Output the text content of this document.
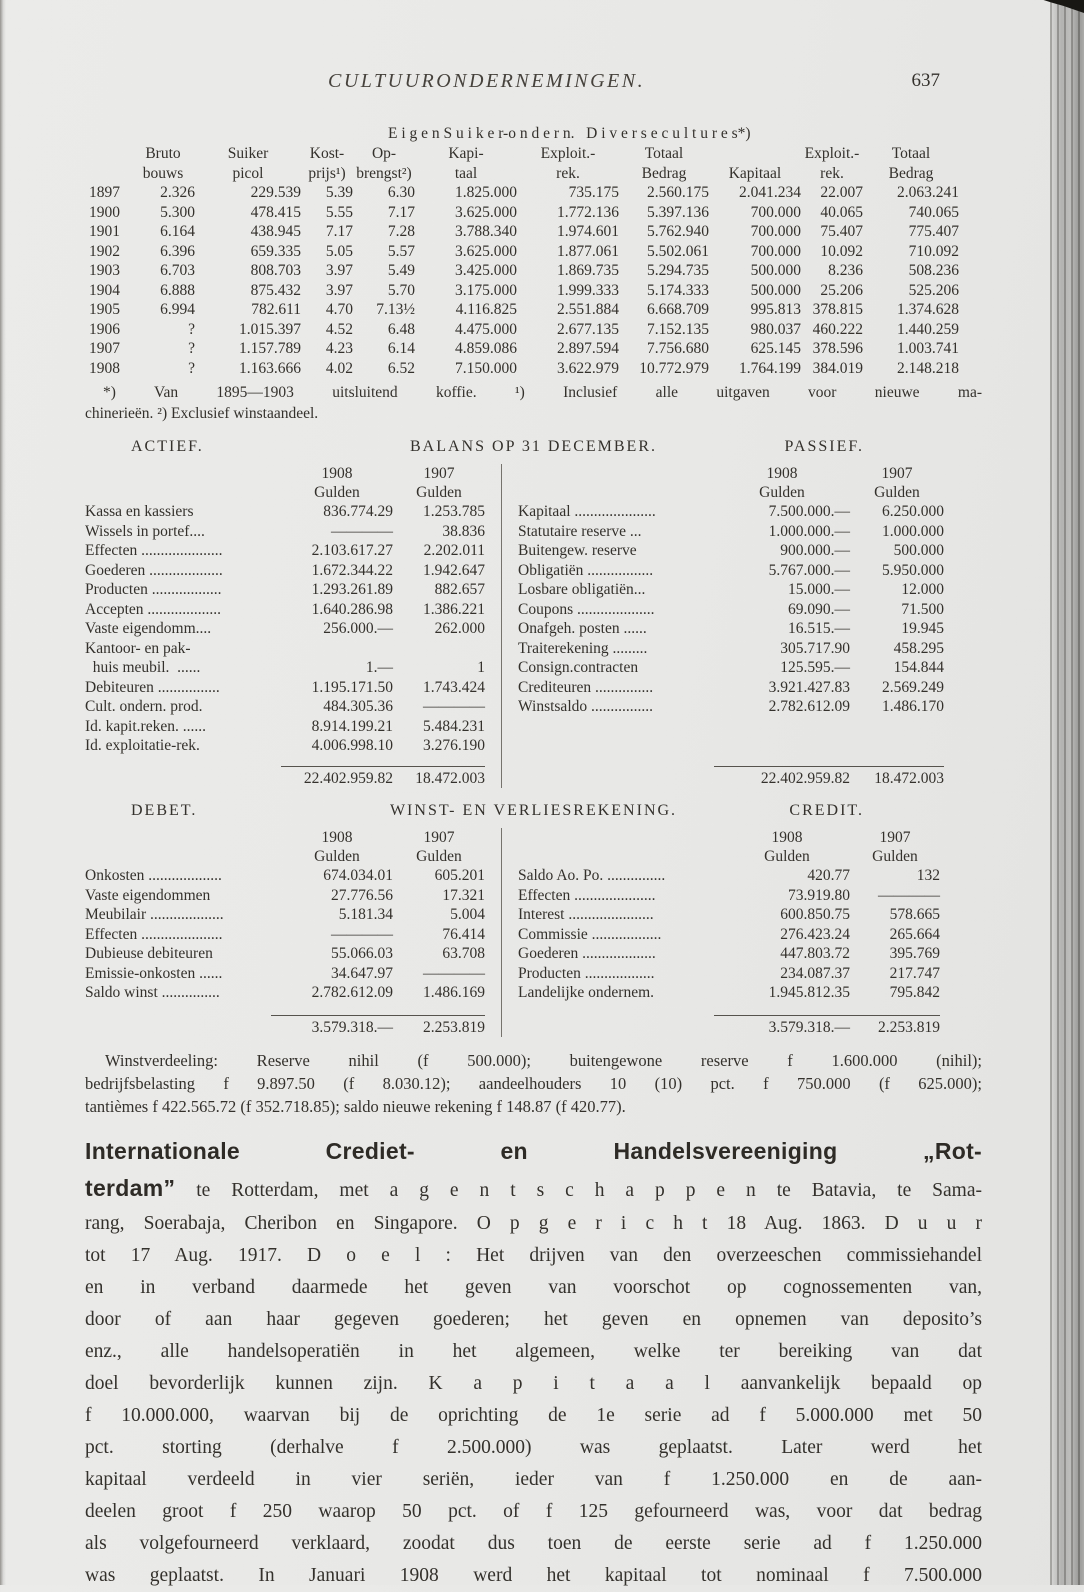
CULTUURONDERNEMINGEN.	637
E i g e n S u i k e r-o n d e r n.   D i v e r s e c u l t u r e s*)
Bruto	Suiker	Kost-	Op-	Kapi-	Exploit.-	Totaal	Exploit.-	Totaal
bouws	picol	prijs¹) brengst²)	taal	rek.	Bedrag	Kapitaal	rek.	Bedrag
1897	2.326	229.539	5.39	6.30	1.825.000	735.175	2.560.175	2.041.234	22.007	2.063.241
1900	5.300	478.415	5.55	7.17	3.625.000	1.772.136	5.397.136	700.000	40.065	740.065
1901	6.164	438.945	7.17	7.28	3.788.340	1.974.601	5.762.940	700.000	75.407	775.407
1902	6.396	659.335	5.05	5.57	3.625.000	1.877.061	5.502.061	700.000	10.092	710.092
1903	6.703	808.703	3.97	5.49	3.425.000	1.869.735	5.294.735	500.000	8.236	508.236
1904	6.888	875.432	3.97	5.70	3.175.000	1.999.333	5.174.333	500.000	25.206	525.206
1905	6.994	782.611	4.70	7.13½	4.116.825	2.551.884	6.668.709	995.813 378.815	1.374.628
1906	?	1.015.397	4.52	6.48	4.475.000	2.677.135	7.152.135	980.037 460.222	1.440.259
1907	?	1.157.789	4.23	6.14	4.859.086	2.897.594	7.756.680	625.145 378.596	1.003.741
1908	?	1.163.666	4.02	6.52	7.150.000	3.622.979	10.772.979	1.764.199 384.019	2.148.218
*) Van 1895—1903 uitsluitend koffie. ¹) Inclusief alle uitgaven voor nieuwe ma-
chinerieën. ²) Exclusief winstaandeel.
ACTIEF.	BALANS OP 31 DECEMBER.	PASSIEF.
1908	1907
Gulden	Gulden
Kassa en kassiers	836.774.29	1.253.785
Wissels in portef....	————	38.836
Effecten .....................	2.103.617.27	2.202.011
Goederen ...................	1.672.344.22	1.942.647
Producten ..................	1.293.261.89	882.657
Accepten ...................	1.640.286.98	1.386.221
Vaste eigendomm....	256.000.—	262.000
Kantoor- en pak-
huis meubil.  ......	1.—	1
Debiteuren ................	1.195.171.50	1.743.424
Cult. ondern. prod.	484.305.36	————
Id. kapit.reken. ......	8.914.199.21	5.484.231
Id. exploitatie-rek.	4.006.998.10	3.276.190
22.402.959.82	18.472.003
1908	1907
Gulden	Gulden
Kapitaal .....................	7.500.000.—	6.250.000
Statutaire reserve ...	1.000.000.—	1.000.000
Buitengew. reserve	900.000.—	500.000
Obligatiën .................	5.767.000.—	5.950.000
Losbare obligatiën...	15.000.—	12.000
Coupons ....................	69.090.—	71.500
Onafgeh. posten ......	16.515.—	19.945
Traiterekening .........	305.717.90	458.295
Consign.contracten	125.595.—	154.844
Crediteuren ...............	3.921.427.83	2.569.249
Winstsaldo ................	2.782.612.09	1.486.170
22.402.959.82	18.472.003
DEBET.	WINST- EN VERLIESREKENING.	CREDIT.
1908	1907
Gulden	Gulden
Onkosten ...................	674.034.01	605.201
Vaste eigendommen	27.776.56	17.321
Meubilair ...................	5.181.34	5.004
Effecten .....................	————	76.414
Dubieuse debiteuren	55.066.03	63.708
Emissie-onkosten ......	34.647.97	————
Saldo winst ...............	2.782.612.09	1.486.169
3.579.318.—	2.253.819
1908	1907
Gulden	Gulden
Saldo Ao. Po. ...............	420.77	132
Effecten .....................	73.919.80	————
Interest ......................	600.850.75	578.665
Commissie ..................	276.423.24	265.664
Goederen ...................	447.803.72	395.769
Producten ..................	234.087.37	217.747
Landelijke ondernem.	1.945.812.35	795.842
3.579.318.—	2.253.819
Winstverdeeling: Reserve nihil (f 500.000); buitengewone reserve f 1.600.000 (nihil);
bedrijfsbelasting f 9.897.50 (f 8.030.12); aandeelhouders 10 (10) pct. f 750.000 (f 625.000);
tantièmes f 422.565.72 (f 352.718.85); saldo nieuwe rekening f 148.87 (f 420.77).
Internationale Crediet- en Handelsvereeniging „Rot-
terdam” te Rotterdam, met a g e n t s c h a p p e n te Batavia, te Sama-
rang, Soerabaja, Cheribon en Singapore. O p g e r i c h t 18 Aug. 1863. D u u r
tot 17 Aug. 1917. D o e l : Het drijven van den overzeeschen commissiehandel
en in verband daarmede het geven van voorschot op cognossementen van,
door of aan haar gegeven goederen; het geven en opnemen van deposito’s
enz., alle handelsoperatiën in het algemeen, welke ter bereiking van dat
doel bevorderlijk kunnen zijn. K a p i t a a l aanvankelijk bepaald op
f 10.000.000, waarvan bij de oprichting de 1e serie ad f 5.000.000 met 50
pct. storting (derhalve f 2.500.000) was geplaatst. Later werd het
kapitaal verdeeld in vier seriën, ieder van f 1.250.000 en de aan-
deelen groot f 250 waarop 50 pct. of f 125 gefourneerd was, voor dat bedrag
als volgefourneerd verklaard, zoodat dus toen de eerste serie ad f 1.250.000
was geplaatst. In Januari 1908 werd het kapitaal tot nominaal f 7.500.000
